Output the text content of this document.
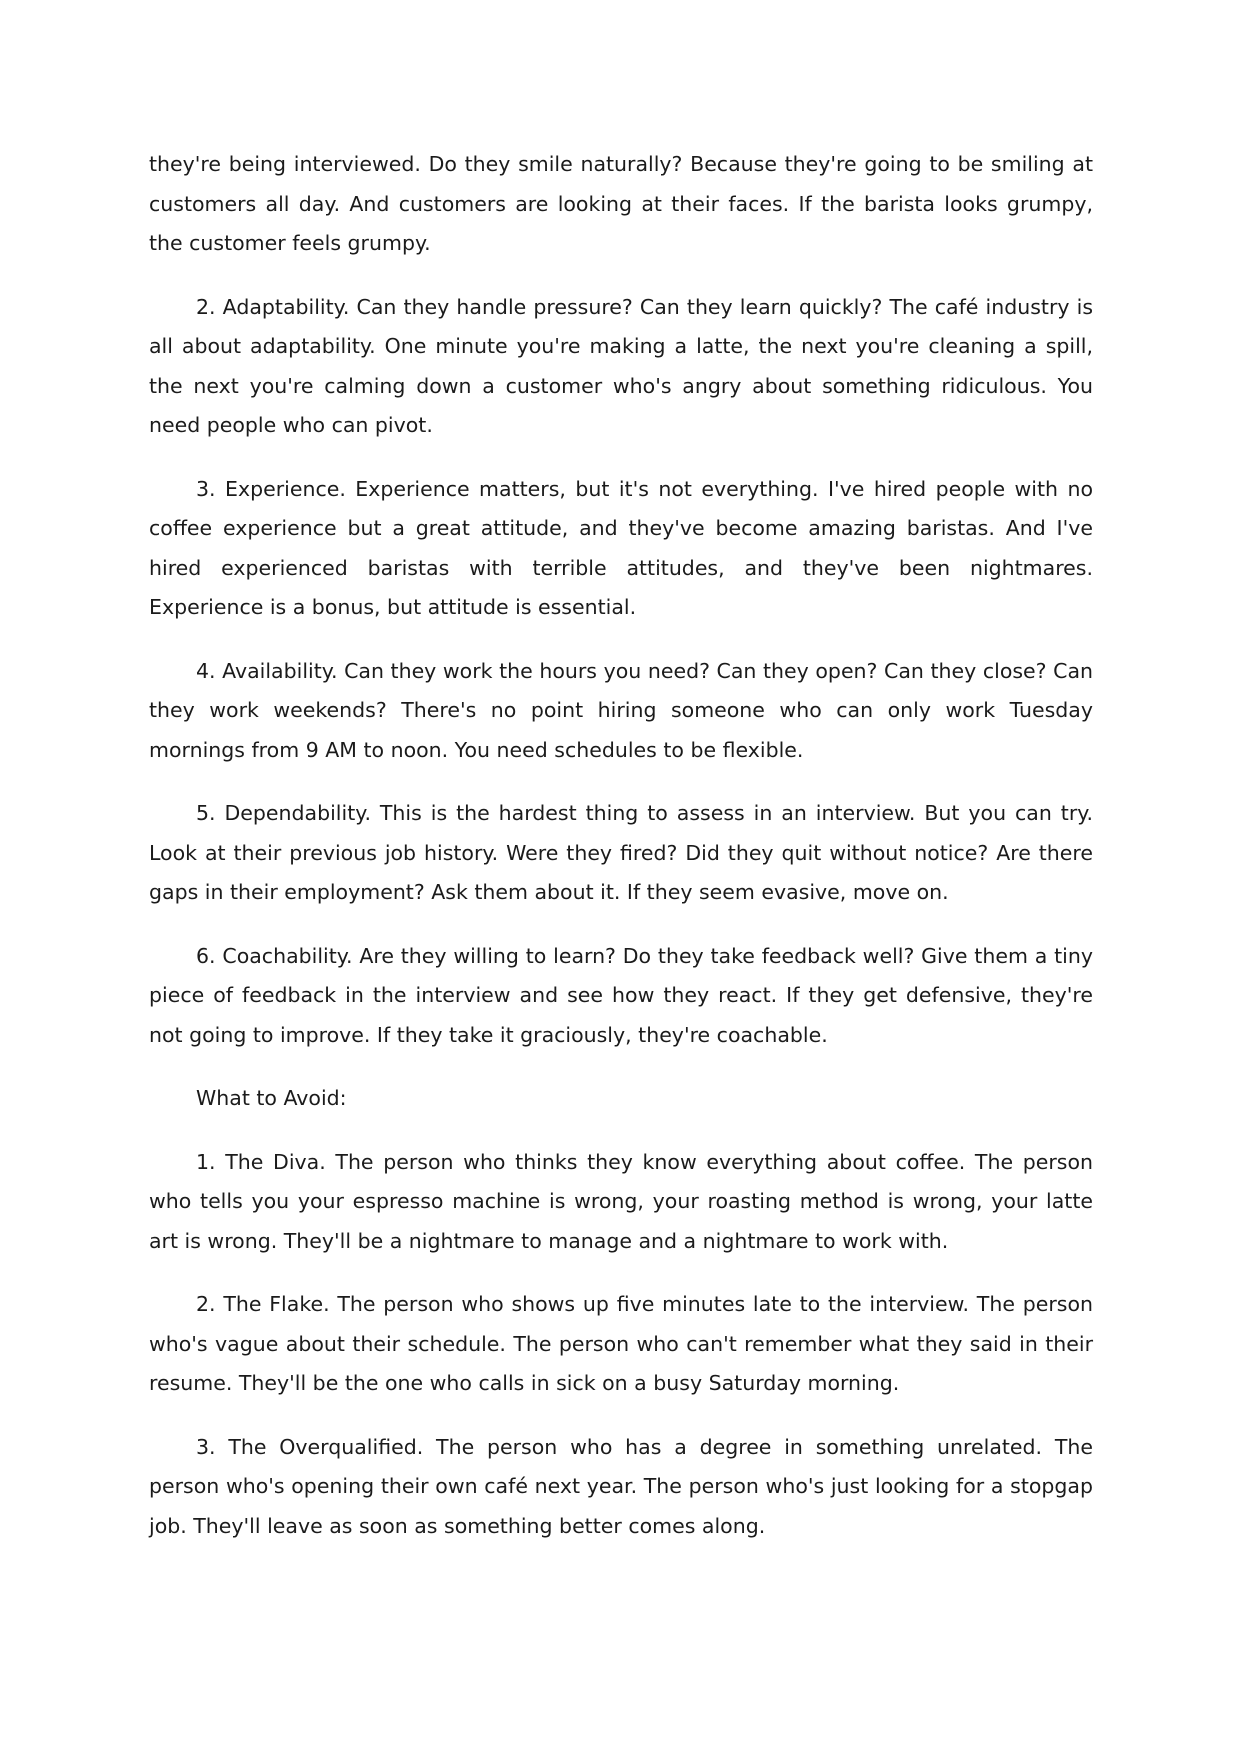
they're being interviewed. Do they smile naturally? Because they're going to be smiling at customers all day. And customers are looking at their faces. If the barista looks grumpy, the customer feels grumpy.

2. Adaptability. Can they handle pressure? Can they learn quickly? The café industry is all about adaptability. One minute you're making a latte, the next you're cleaning a spill, the next you're calming down a customer who's angry about something ridiculous. You need people who can pivot.

3. Experience. Experience matters, but it's not everything. I've hired people with no coffee experience but a great attitude, and they've become amazing baristas. And I've hired experienced baristas with terrible attitudes, and they've been nightmares. Experience is a bonus, but attitude is essential.

4. Availability. Can they work the hours you need? Can they open? Can they close? Can they work weekends? There's no point hiring someone who can only work Tuesday mornings from 9 AM to noon. You need schedules to be flexible.

5. Dependability. This is the hardest thing to assess in an interview. But you can try. Look at their previous job history. Were they fired? Did they quit without notice? Are there gaps in their employment? Ask them about it. If they seem evasive, move on.

6. Coachability. Are they willing to learn? Do they take feedback well? Give them a tiny piece of feedback in the interview and see how they react. If they get defensive, they're not going to improve. If they take it graciously, they're coachable.

What to Avoid:

1. The Diva. The person who thinks they know everything about coffee. The person who tells you your espresso machine is wrong, your roasting method is wrong, your latte art is wrong. They'll be a nightmare to manage and a nightmare to work with.

2. The Flake. The person who shows up five minutes late to the interview. The person who's vague about their schedule. The person who can't remember what they said in their resume. They'll be the one who calls in sick on a busy Saturday morning.

3. The Overqualified. The person who has a degree in something unrelated. The person who's opening their own café next year. The person who's just looking for a stopgap job. They'll leave as soon as something better comes along.
